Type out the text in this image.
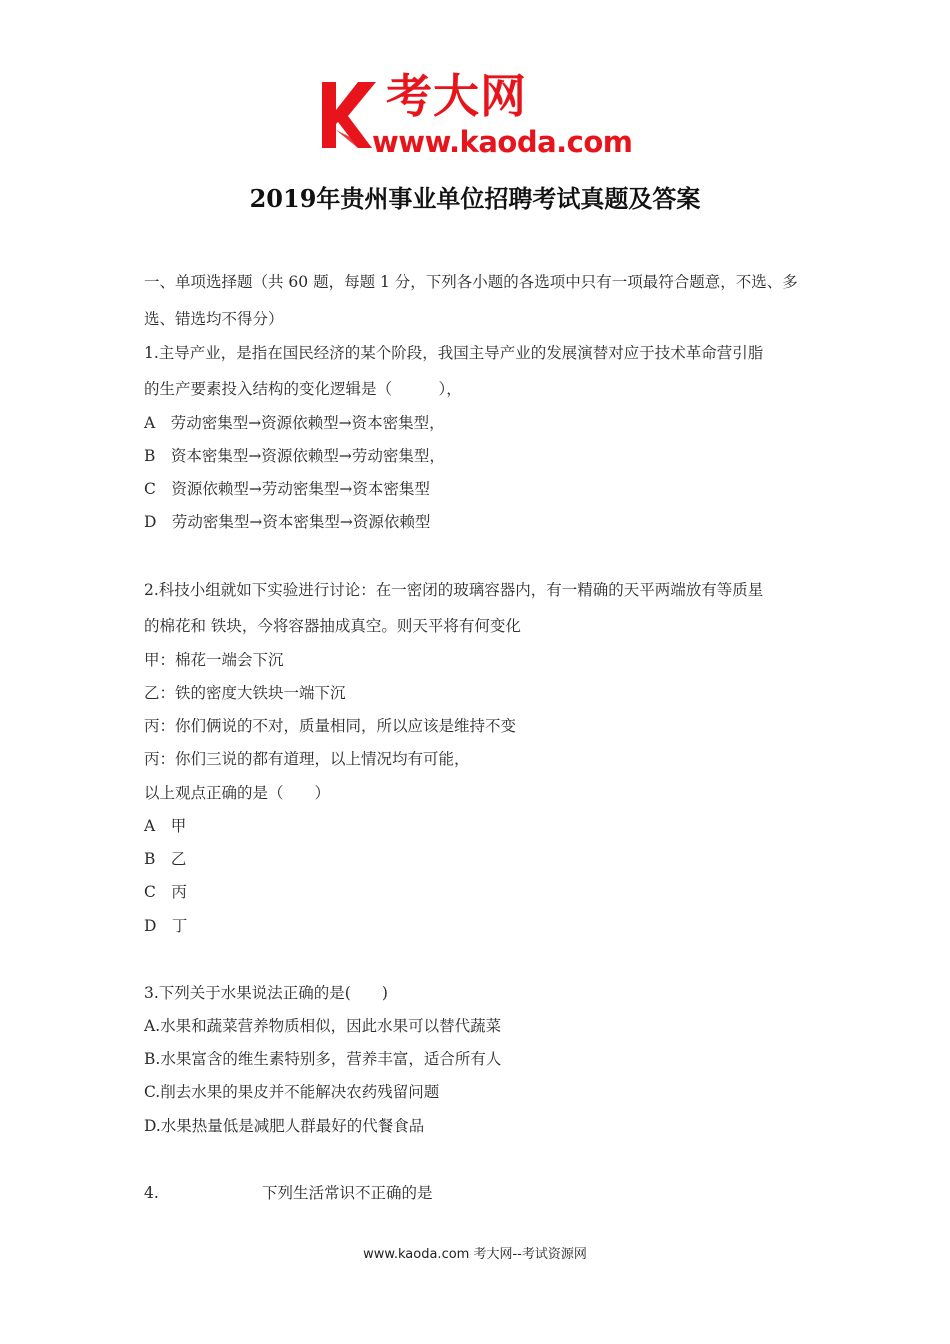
考大网
www.kaoda.com
2019年贵州事业单位招聘考试真题及答案
一、单项选择题（共 60 题，每题 1 分，下列各小题的各选项中只有一项最符合题意，不选、多
选、错选均不得分）
1.主导产业，是指在国民经济的某个阶段，我国主导产业的发展演替对应于技术革命营引脂
的生产要素投入结构的变化逻辑是（　　　），
A　劳动密集型→资源依赖型→资本密集型，
B　资本密集型→资源依赖型→劳动密集型，
C　资源依赖型→劳动密集型→资本密集型
D　劳动密集型→资本密集型→资源依赖型
2.科技小组就如下实验进行讨论：在一密闭的玻璃容器内，有一精确的天平两端放有等质星
的棉花和 铁块，今将容器抽成真空。则天平将有何变化
甲：棉花一端会下沉
乙：铁的密度大铁块一端下沉
丙：你们俩说的不对，质量相同，所以应该是维持不变
丙：你们三说的都有道理，以上情况均有可能，
以上观点正确的是（　　）
A　甲
B　乙
C　丙
D　丁
3.下列关于水果说法正确的是(　　)
A.水果和蔬菜营养物质相似，因此水果可以替代蔬菜
B.水果富含的维生素特别多，营养丰富，适合所有人
C.削去水果的果皮并不能解决农药残留问题
D.水果热量低是减肥人群最好的代餐食品
4.	下列生活常识不正确的是
www.kaoda.com 考大网--考试资源网
